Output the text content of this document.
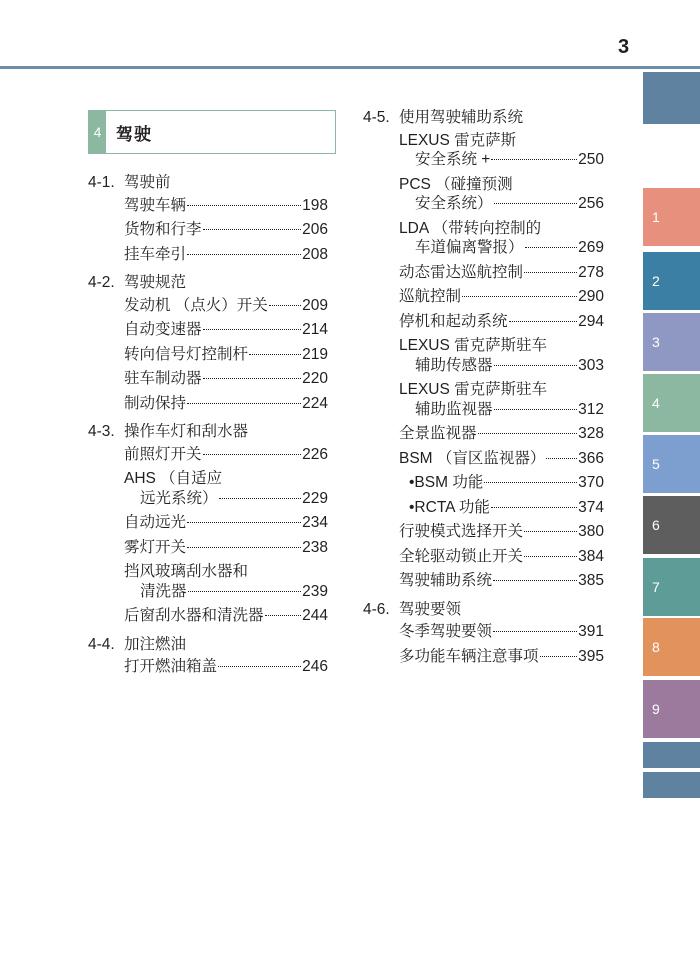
3
4 驾驶
4-1. 驾驶前
驾驶车辆	198
货物和行李	206
挂车牵引	208
4-2. 驾驶规范
发动机 （点火）开关 209
自动变速器	214
转向信号灯控制杆	219
驻车制动器	220
制动保持	224
4-3. 操作车灯和刮水器
前照灯开关	226
AHS （自适应
远光系统）	229
自动远光	234
雾灯开关	238
挡风玻璃刮水器和
清洗器	239
后窗刮水器和清洗器 244
4-4. 加注燃油
打开燃油箱盖	246
4-5. 使用驾驶辅助系统
LEXUS 雷克萨斯
安全系统 +	250
PCS （碰撞预测
安全系统）	256
LDA （带转向控制的
车道偏离警报）	269
动态雷达巡航控制	278
巡航控制	290
停机和起动系统	294
LEXUS 雷克萨斯驻车
辅助传感器	303
LEXUS 雷克萨斯驻车
辅助监视器	312
全景监视器	328
BSM （盲区监视器） 366
•BSM 功能	370
•RCTA 功能	374
行驶模式选择开关	380
全轮驱动锁止开关	384
驾驶辅助系统	385
4-6. 驾驶要领
冬季驾驶要领	391
多功能车辆注意事项	395
1
2
3
4
5
6
7
8
9
